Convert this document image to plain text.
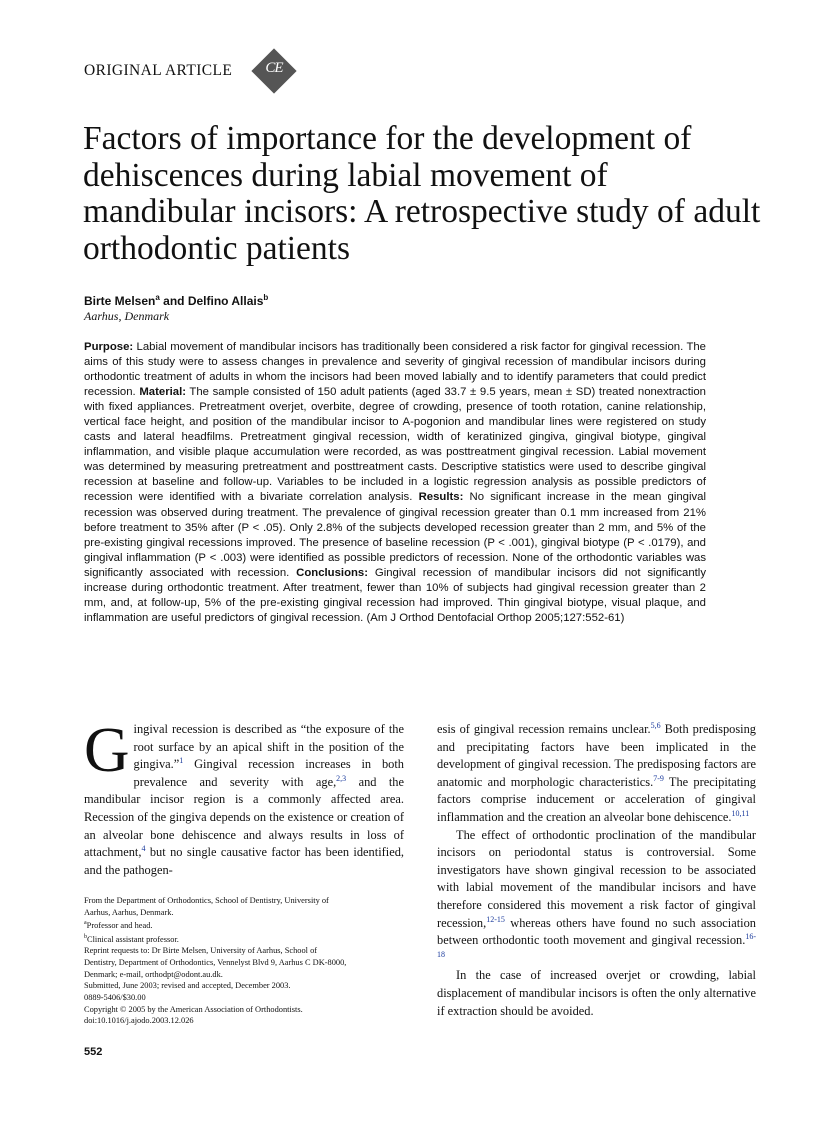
ORIGINAL ARTICLE	CE
Factors of importance for the development of dehiscences during labial movement of mandibular incisors: A retrospective study of adult orthodontic patients
Birte Melsen$^a$ and Delfino Allais$^b$
Aarhus, Denmark

Purpose: Labial movement of mandibular incisors has traditionally been considered a risk factor for gingival recession. The aims of this study were to assess changes in prevalence and severity of gingival recession of mandibular incisors during orthodontic treatment of adults in whom the incisors had been moved labially and to identify parameters that could predict recession. Material: The sample consisted of 150 adult patients (aged 33.7 ± 9.5 years, mean ± SD) treated nonextraction with fixed appliances. Pretreatment overjet, overbite, degree of crowding, presence of tooth rotation, canine relationship, vertical face height, and position of the mandibular incisor to A-pogonion and mandibular lines were registered on study casts and lateral headfilms. Pretreatment gingival recession, width of keratinized gingiva, gingival biotype, gingival inflammation, and visible plaque accumulation were recorded, as was posttreatment gingival recession. Labial movement was determined by measuring pretreatment and posttreatment casts. Descriptive statistics were used to describe gingival recession at baseline and follow-up. Variables to be included in a logistic regression analysis as possible predictors of recession were identified with a bivariate correlation analysis. Results: No significant increase in the mean gingival recession was observed during treatment. The prevalence of gingival recession greater than 0.1 mm increased from 21% before treatment to 35% after (P < .05). Only 2.8% of the subjects developed recession greater than 2 mm, and 5% of the pre-existing gingival recessions improved. The presence of baseline recession (P < .001), gingival biotype (P < .0179), and gingival inflammation (P < .003) were identified as possible predictors of recession. None of the orthodontic variables was significantly associated with recession. Conclusions: Gingival recession of mandibular incisors did not significantly increase during orthodontic treatment. After treatment, fewer than 10% of subjects had gingival recession greater than 2 mm, and, at follow-up, 5% of the pre-existing gingival recession had improved. Thin gingival biotype, visual plaque, and inflammation are useful predictors of gingival recession. (Am J Orthod Dentofacial Orthop 2005;127:552-61)

Gingival recession is described as “the exposure of the root surface by an apical shift in the position of the gingiva.”$^1$ Gingival recession increases in both prevalence and severity with age,$^{2,3}$ and the mandibular incisor region is a commonly affected area. Recession of the gingiva depends on the existence or creation of an alveolar bone dehiscence and always results in loss of attachment,$^4$ but no single causative factor has been identified, and the pathogen-

From the Department of Orthodontics, School of Dentistry, University of
Aarhus, Aarhus, Denmark.
$^a$Professor and head.
$^b$Clinical assistant professor.
Reprint requests to: Dr Birte Melsen, University of Aarhus, School of
Dentistry, Department of Orthodontics, Vennelyst Blvd 9, Aarhus C DK-8000,
Denmark; e-mail, orthodpt@odont.au.dk.
Submitted, June 2003; revised and accepted, December 2003.
0889-5406/$30.00
Copyright © 2005 by the American Association of Orthodontists.
doi:10.1016/j.ajodo.2003.12.026

esis of gingival recession remains unclear.$^{5,6}$ Both predisposing and precipitating factors have been implicated in the development of gingival recession. The predisposing factors are anatomic and morphologic characteristics.$^{7-9}$ The precipitating factors comprise inducement or acceleration of gingival inflammation and the creation an alveolar bone dehiscence.$^{10,11}$

The effect of orthodontic proclination of the mandibular incisors on periodontal status is controversial. Some investigators have shown gingival recession to be associated with labial movement of the mandibular incisors and have therefore considered this movement a risk factor of gingival recession,$^{12-15}$ whereas others have found no such association between orthodontic tooth movement and gingival recession.$^{16-18}$

In the case of increased overjet or crowding, labial displacement of mandibular incisors is often the only alternative if extraction should be avoided.

552
